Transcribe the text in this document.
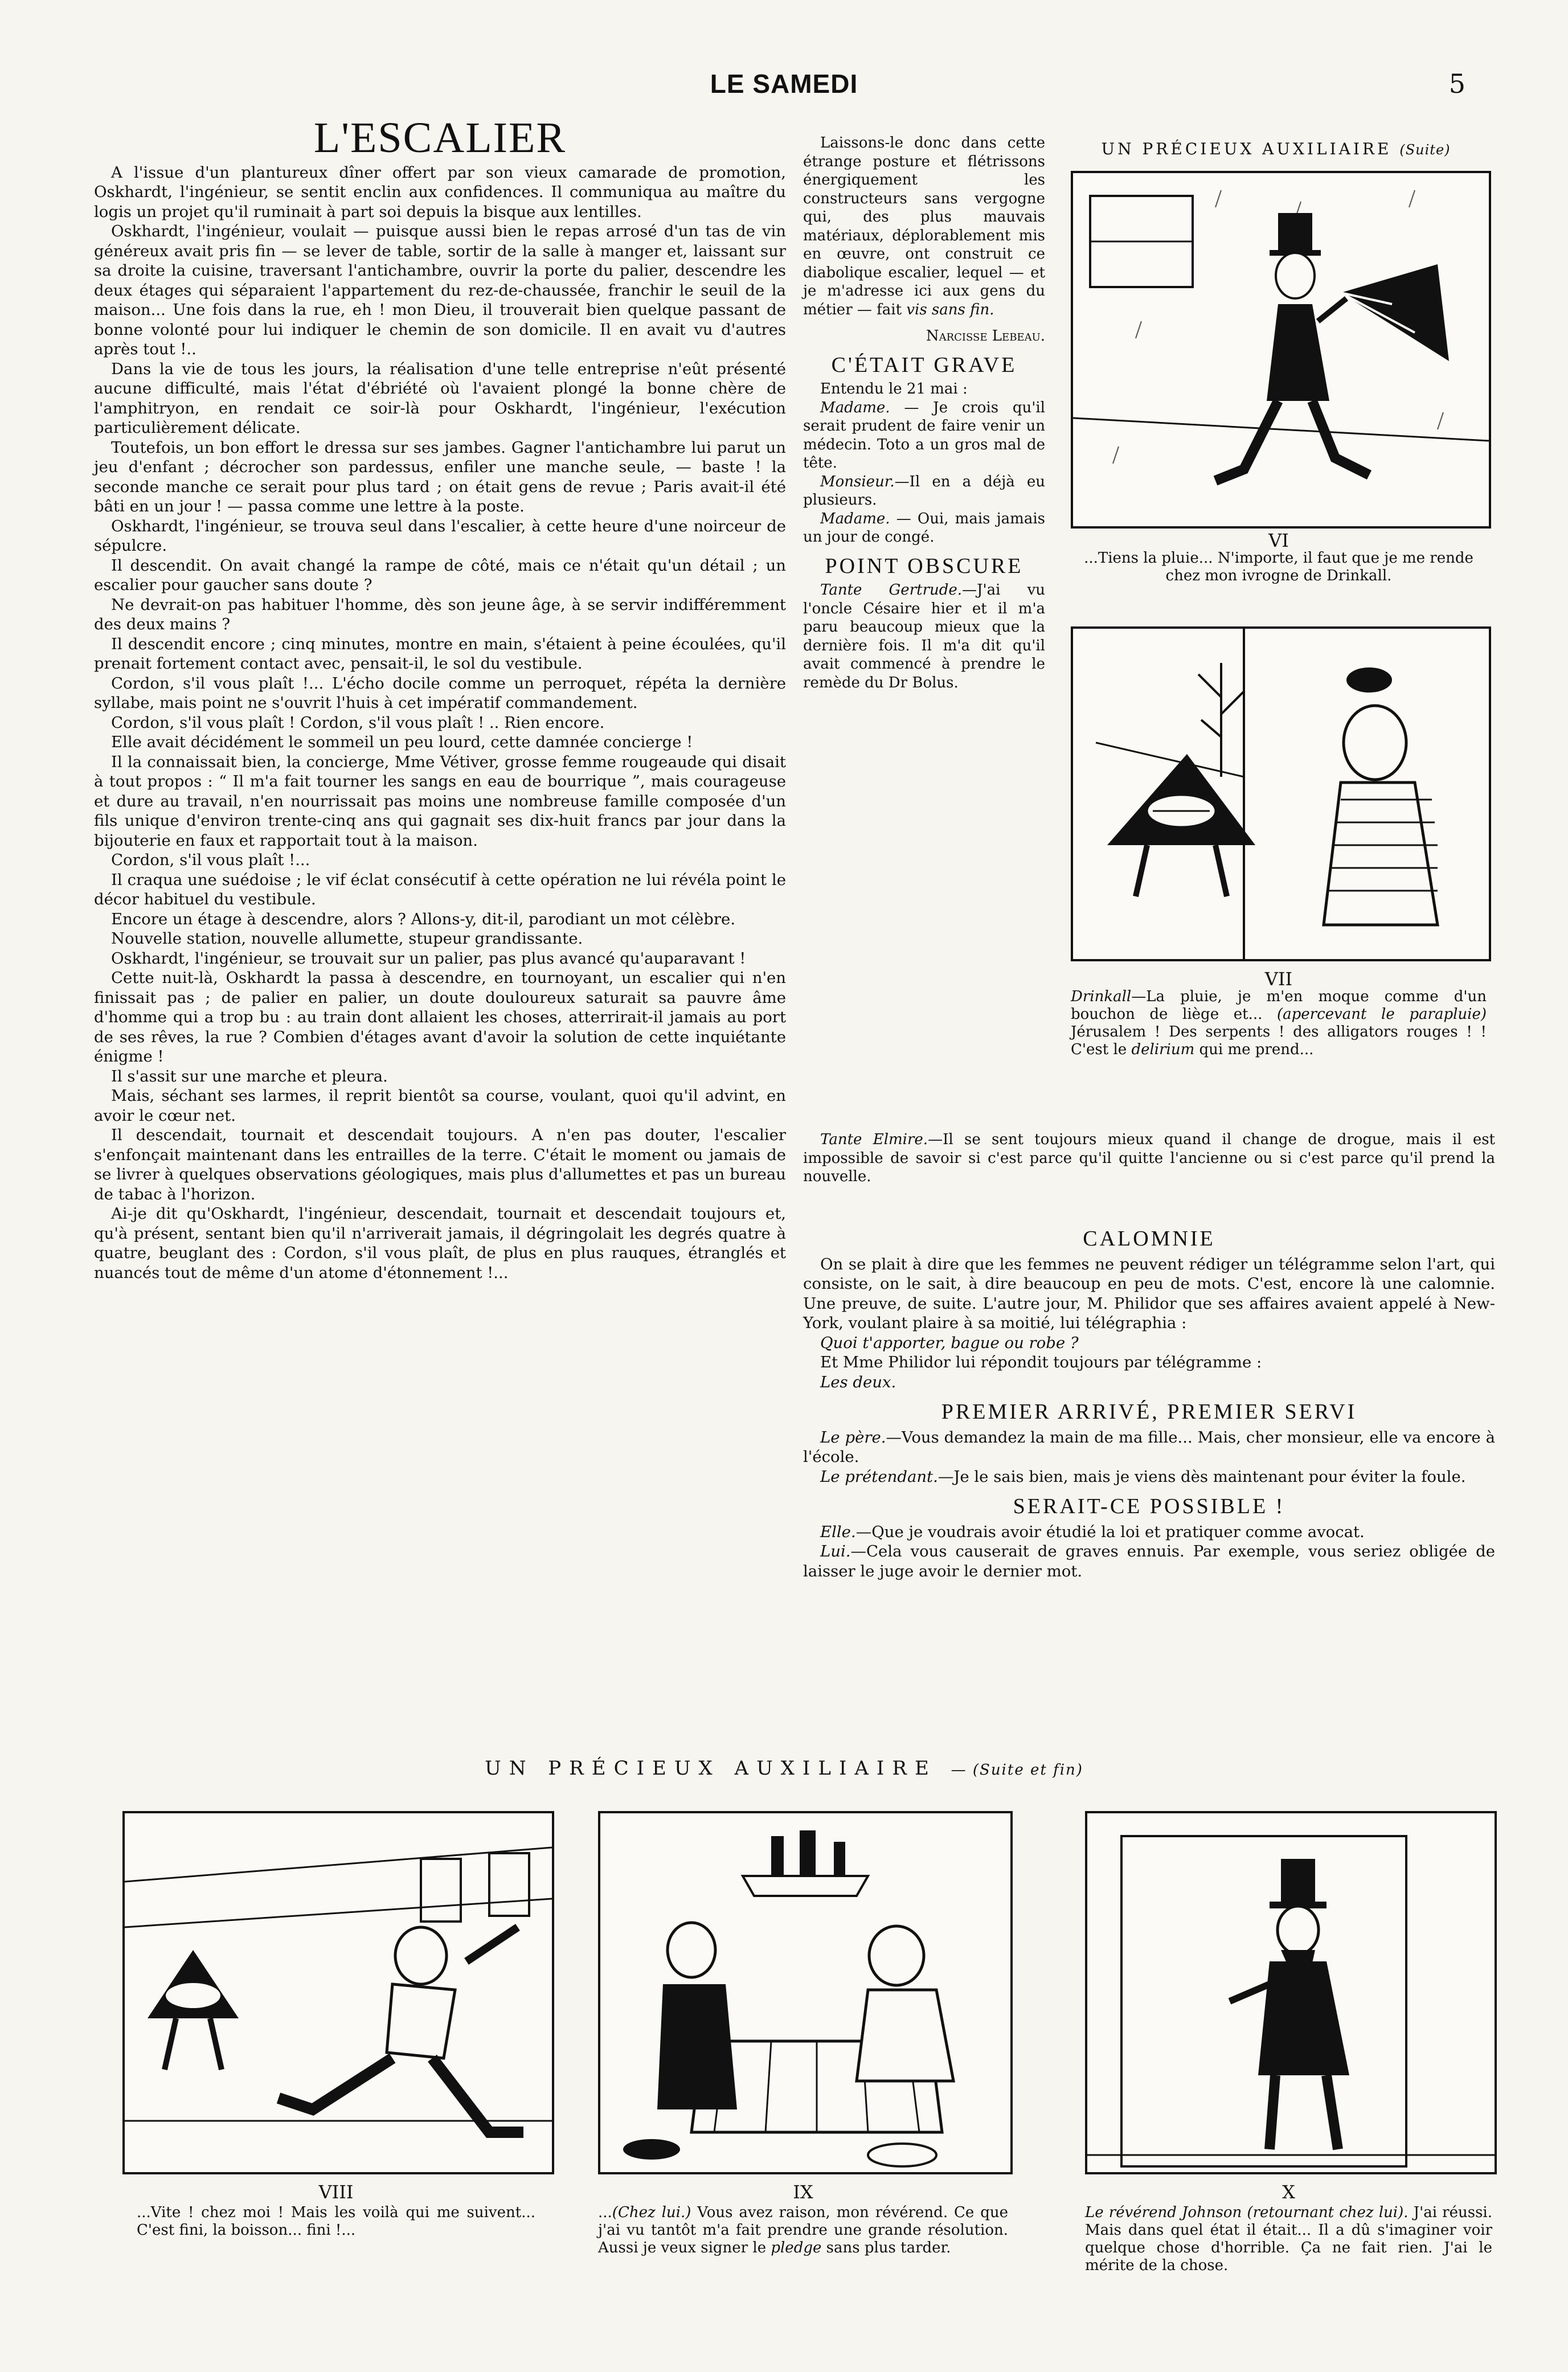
LE SAMEDI	5
L'ESCALIER

A l'issue d'un plantureux dîner offert par son vieux camarade de promotion, Oskhardt, l'ingénieur, se sentit enclin aux confidences. Il communiqua au maître du logis un projet qu'il ruminait à part soi depuis la bisque aux lentilles.

Oskhardt, l'ingénieur, voulait — puisque aussi bien le repas arrosé d'un tas de vin généreux avait pris fin — se lever de table, sortir de la salle à manger et, laissant sur sa droite la cuisine, traversant l'antichambre, ouvrir la porte du palier, descendre les deux étages qui séparaient l'appartement du rez-de-chaussée, franchir le seuil de la maison... Une fois dans la rue, eh ! mon Dieu, il trouverait bien quelque passant de bonne volonté pour lui indiquer le chemin de son domicile. Il en avait vu d'autres après tout !..

Dans la vie de tous les jours, la réalisation d'une telle entreprise n'eût présenté aucune difficulté, mais l'état d'ébriété où l'avaient plongé la bonne chère de l'amphitryon, en rendait ce soir-là pour Oskhardt, l'ingénieur, l'exécution particulièrement délicate.

Toutefois, un bon effort le dressa sur ses jambes. Gagner l'antichambre lui parut un jeu d'enfant ; décrocher son pardessus, enfiler une manche seule, — baste ! la seconde manche ce serait pour plus tard ; on était gens de revue ; Paris avait-il été bâti en un jour ! — passa comme une lettre à la poste.

Oskhardt, l'ingénieur, se trouva seul dans l'escalier, à cette heure d'une noirceur de sépulcre.

Il descendit. On avait changé la rampe de côté, mais ce n'était qu'un détail ; un escalier pour gaucher sans doute ?

Ne devrait-on pas habituer l'homme, dès son jeune âge, à se servir indifféremment des deux mains ?

Il descendit encore ; cinq minutes, montre en main, s'étaient à peine écoulées, qu'il prenait fortement contact avec, pensait-il, le sol du vestibule.

Cordon, s'il vous plaît !... L'écho docile comme un perroquet, répéta la dernière syllabe, mais point ne s'ouvrit l'huis à cet impératif commandement.

Cordon, s'il vous plaît ! Cordon, s'il vous plaît ! .. Rien encore.

Elle avait décidément le sommeil un peu lourd, cette damnée concierge !

Il la connaissait bien, la concierge, Mme Vétiver, grosse femme rougeaude qui disait à tout propos : “ Il m'a fait tourner les sangs en eau de bourrique ”, mais courageuse et dure au travail, n'en nourrissait pas moins une nombreuse famille composée d'un fils unique d'environ trente-cinq ans qui gagnait ses dix-huit francs par jour dans la bijouterie en faux et rapportait tout à la maison.

Cordon, s'il vous plaît !...

Il craqua une suédoise ; le vif éclat consécutif à cette opération ne lui révéla point le décor habituel du vestibule.

Encore un étage à descendre, alors ? Allons-y, dit-il, parodiant un mot célèbre.

Nouvelle station, nouvelle allumette, stupeur grandissante.

Oskhardt, l'ingénieur, se trouvait sur un palier, pas plus avancé qu'auparavant !

Cette nuit-là, Oskhardt la passa à descendre, en tournoyant, un escalier qui n'en finissait pas ; de palier en palier, un doute douloureux saturait sa pauvre âme d'homme qui a trop bu : au train dont allaient les choses, atterrirait-il jamais au port de ses rêves, la rue ? Combien d'étages avant d'avoir la solution de cette inquiétante énigme !

Il s'assit sur une marche et pleura.

Mais, séchant ses larmes, il reprit bientôt sa course, voulant, quoi qu'il advint, en avoir le cœur net.

Il descendait, tournait et descendait toujours. A n'en pas douter, l'escalier s'enfonçait maintenant dans les entrailles de la terre. C'était le moment ou jamais de se livrer à quelques observations géologiques, mais plus d'allumettes et pas un bureau de tabac à l'horizon.

Ai-je dit qu'Oskhardt, l'ingénieur, descendait, tournait et descendait toujours et, qu'à présent, sentant bien qu'il n'arriverait jamais, il dégringolait les degrés quatre à quatre, beuglant des : Cordon, s'il vous plaît, de plus en plus rauques, étranglés et nuancés tout de même d'un atome d'étonnement !...

Laissons-le donc dans cette étrange posture et flétrissons énergiquement les constructeurs sans vergogne qui, des plus mauvais matériaux, déplorablement mis en œuvre, ont construit ce diabolique escalier, lequel — et je m'adresse ici aux gens du métier — fait vis sans fin.

Narcisse Lebeau.
C'ÉTAIT GRAVE

Entendu le 21 mai :

Madame. — Je crois qu'il serait prudent de faire venir un médecin. Toto a un gros mal de tête.

Monsieur.—Il en a déjà eu plusieurs.

Madame. — Oui, mais jamais un jour de congé.

POINT OBSCURE

Tante Gertrude.—J'ai vu l'oncle Césaire hier et il m'a paru beaucoup mieux que la dernière fois. Il m'a dit qu'il avait commencé à prendre le remède du Dr Bolus.

UN PRÉCIEUX AUXILIAIRE (Suite)
VI
...Tiens la pluie... N'importe, il faut que je me rende chez mon ivrogne de Drinkall.
VII
Drinkall—La pluie, je m'en moque comme d'un bouchon de liège et... (apercevant le parapluie) Jérusalem ! Des serpents ! des alligators rouges ! ! C'est le delirium qui me prend...

Tante Elmire.—Il se sent toujours mieux quand il change de drogue, mais il est impossible de savoir si c'est parce qu'il quitte l'ancienne ou si c'est parce qu'il prend la nouvelle.

CALOMNIE

On se plait à dire que les femmes ne peuvent rédiger un télégramme selon l'art, qui consiste, on le sait, à dire beaucoup en peu de mots. C'est, encore là une calomnie. Une preuve, de suite. L'autre jour, M. Philidor que ses affaires avaient appelé à New-York, voulant plaire à sa moitié, lui télégraphia :

Quoi t'apporter, bague ou robe ?

Et Mme Philidor lui répondit toujours par télégramme :

Les deux.

PREMIER ARRIVÉ, PREMIER SERVI

Le père.—Vous demandez la main de ma fille... Mais, cher monsieur, elle va encore à l'école.

Le prétendant.—Je le sais bien, mais je viens dès maintenant pour éviter la foule.

SERAIT-CE POSSIBLE !

Elle.—Que je voudrais avoir étudié la loi et pratiquer comme avocat.

Lui.—Cela vous causerait de graves ennuis. Par exemple, vous seriez obligée de laisser le juge avoir le dernier mot.

UN PRÉCIEUX AUXILIAIRE — (Suite et fin)
VIII
...Vite ! chez moi ! Mais les voilà qui me suivent... C'est fini, la boisson... fini !...
IX
...(Chez lui.) Vous avez raison, mon révérend. Ce que j'ai vu tantôt m'a fait prendre une grande résolution. Aussi je veux signer le pledge sans plus tarder.
X
Le révérend Johnson (retournant chez lui). J'ai réussi. Mais dans quel état il était... Il a dû s'imaginer voir quelque chose d'horrible. Ça ne fait rien. J'ai le mérite de la chose.
